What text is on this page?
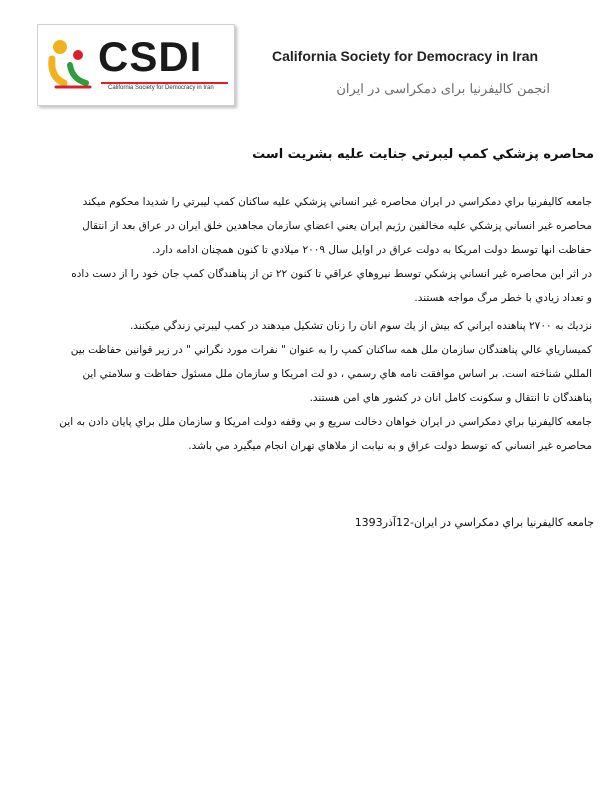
CSDI
California Society for Democracy in Iran
California Society for Democracy in Iran
انجمن کالیفرنیا برای دمکراسی در ایران
محاصره پزشکي كمپ ليبرتي جنايت عليه بشريت است
جامعه كاليفرنيا براي دمكراسي در ايران محاصره غير انساني پزشكي عليه ساكنان كمپ ليبرتي را شديدا محكوم ميكند
محاصره غير انساني پزشكي عليه مخالفين رژيم ايران يعني اعضاي سازمان مجاهدين خلق ايران در عراق بعد از انتقال
حفاظت انها توسط دولت امريكا به دولت عراق در اوايل سال ۲۰۰۹ ميلادي تا كنون همچنان ادامه دارد.
در اثر اين محاصره غير انساني پزشكي توسط نيروهاي عراقي تا كنون ۲۲ تن از پناهندگان كمپ جان خود را از دست داده
و تعداد زيادي با خطر مرگ مواجه هستند.
نزديك به ۲۷۰۰ پناهنده ايراني كه بيش از يك سوم انان را زنان تشكيل ميدهند در كمپ ليبرتي زندگي ميكنند.
كميسارياي عالي پناهندگان سازمان ملل همه ساكنان كمپ را به عنوان " نفرات مورد نگراني " در زير قوانين حفاظت بين
المللي شناخته است. بر اساس موافقت نامه هاي رسمي ، دو لت امريكا و سازمان ملل مسئول حفاظت و سلامتي اين
پناهندگان تا انتقال و سكونت كامل انان در كشور هاي امن هستند.
جامعه كاليفرنيا براي دمكراسي در ايران خواهان دخالت سريع و بي وقفه دولت امريكا و سازمان ملل براي پايان دادن به اين
محاصره غير انساني كه توسط دولت عراق و به نيابت از ملاهاي تهران انجام ميگيرد مي باشد.
جامعه كاليفرنيا براي دمكراسي در ايران-12آذر1393
